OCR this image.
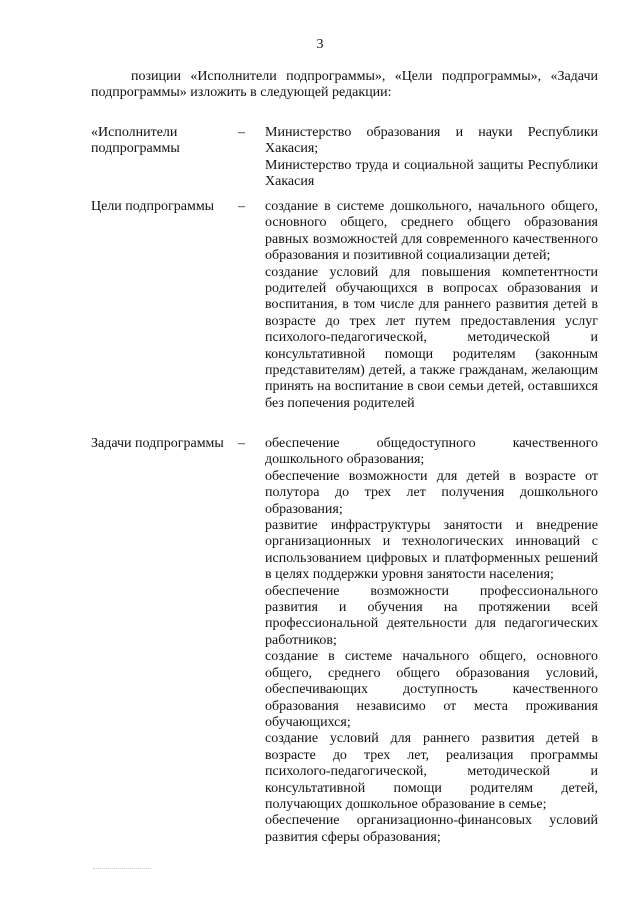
3
позиции «Исполнители подпрограммы», «Цели подпрограммы», «Задачи подпрограммы» изложить в следующей редакции:
«Исполнители подпрограммы
– Министерство образования и науки Республики Хакасия;

Министерство труда и социальной защиты Республики Хакасия

Цели подпрограммы	– создание в системе дошкольного, начального общего, основного общего, среднего общего образования равных возможностей для современного качественного образования и позитивной социализации детей;

создание условий для повышения компетентности родителей обучающихся в вопросах образования и воспитания, в том числе для раннего развития детей в возрасте до трех лет путем предоставления услуг психолого-педагогической, методической и консультативной помощи родителям (законным представителям) детей, а также гражданам, желающим принять на воспитание в свои семьи детей, оставшихся без попечения родителей

Задачи подпрограммы	– обеспечение общедоступного качественного дошкольного образования;

обеспечение возможности для детей в возрасте от полутора до трех лет получения дошкольного образования;

развитие инфраструктуры занятости и внедрение организационных и технологических инноваций с использованием цифровых и платформенных решений в целях поддержки уровня занятости населения;

обеспечение возможности профессионального развития и обучения на протяжении всей профессиональной деятельности для педагогических работников;

создание в системе начального общего, основного общего, среднего общего образования условий, обеспечивающих доступность качественного образования независимо от места проживания обучающихся;

создание условий для раннего развития детей в возрасте до трех лет, реализация программы психолого-педагогической, методической и консультативной помощи родителям детей, получающих дошкольное образование в семье;

обеспечение организационно-финансовых условий развития сферы образования;
